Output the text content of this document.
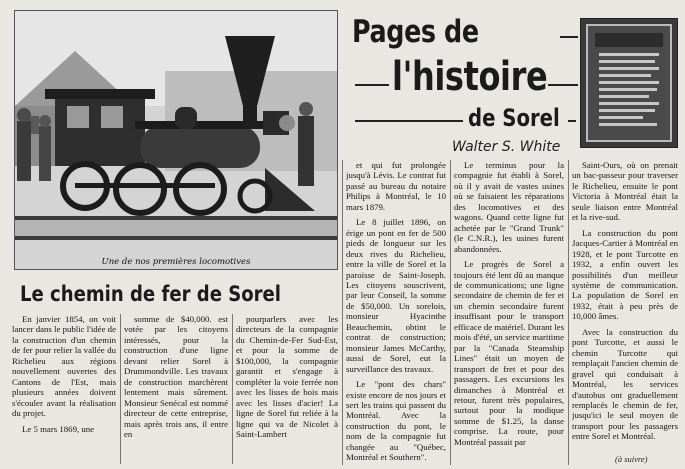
Une de nos premières locomotives
Pages de
l'histoire
de Sorel
Walter S. White
Le chemin de fer de Sorel

En janvier 1854, on voit lancer dans le public l'idée de la construction d'un chemin de fer pour relier la vallée du Richelieu aux régions nouvellement ouvertes des Cantons de l'Est, mais plusieurs années doivent s'écouler avant la réalisation du projet.

Le 5 mars 1869, une

somme de $40,000. est votée par les citoyens intéressés, pour la construction d'une ligne devant relier Sorel à Drummondville. Les travaux de construction marchèrent lentement mais sûrement. Monsieur Senécal est nommé directeur de cette entreprise, mais après trois ans, il entre en

pourparlers avec les directeurs de la compagnie du Chemin-de-Fer Sud-Est, et pour la somme de $100,000, la compagnie garantit et s'engage à compléter la voie ferrée non avec les lisses de bois mais avec les lisses d'acier! La ligne de Sorel fut reliée à la ligne qui va de Nicolet à Saint-Lambert

et qui fut prolongée jusqu'à Lévis. Le contrat fut passé au bureau du notaire Philips à Montréal, le 10 mars 1879.

Le 8 juillet 1896, on érige un pont en fer de 500 pieds de longueur sur les deux rives du Richelieu, entre la ville de Sorel et la paroisse de Saint-Joseph. Les citoyens souscrivent, par leur Conseil, la somme de $50,000. Un sorelois, monsieur Hyacinthe Beauchemin, obtint le contrat de construction; monsieur James McCarthy, aussi de Sorel, eut la surveillance des travaux.

Le "pont des chars" existe encore de nos jours et sert les trains qui passent du Montréal. Avec la construction du pont, le nom de la compagnie fut changée au "Québec, Montréal et Southern".

Le terminus pour la compagnie fut établi à Sorel, où il y avait de vastes usines où se faisaient les réparations des locomotives et des wagons. Quand cette ligne fut achetée par le "Grand Trunk" (le C.N.R.), les usines furent abandonnées.

Le progrès de Sorel a toujours été lent dû au manque de communications; une ligne secondaire de chemin de fer et un chemin secondaire furent insuffisant pour le transport efficace de matériel. Durant les mois d'été, un service maritime par la "Canada Steamship Lines" était un moyen de transport de fret et pour des passagers. Les excursions les dimanches à Montréal et retour, furent très populaires, surtout pour la modique somme de $1.25, la danse comprise. La route, pour Montréal passait par

Saint-Ours, où on prenait un bac-passeur pour traverser le Richelieu, ensuite le pont Victoria à Montréal était la seule liaison entre Montréal et la rive-sud.

La construction du pont Jacques-Cartier à Montréal en 1928, et le pont Turcotte en 1932, a enfin ouvert les possibilités d'un meilleur système de communication. La population de Sorel en 1932, était à peu près de 10,000 âmes.

Avec la construction du pont Turcotte, et aussi le chemin Turcotte qui remplaçait l'ancien chemin de gravel qui conduisait à Montréal, les services d'autobus ont graduellement remplacés le chemin de fer, jusqu'ici le seul moyen de transport pour les passagers entre Sorel et Montréal.

(à suivre)
